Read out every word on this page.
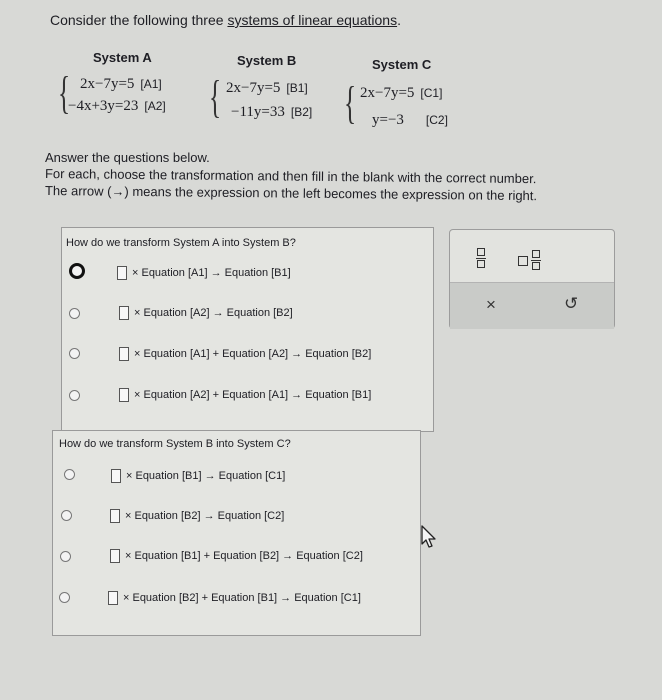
Consider the following three systems of linear equations.
System A
{ 2x−7y=5 [A1]
−4x+3y=23 [A2]
System B
{ 2x−7y=5 [B1]
−11y=33 [B2]
System C
{ 2x−7y=5 [C1]
y=−3 [C2]
Answer the questions below.
For each, choose the transformation and then fill in the blank with the correct number.
The arrow (→) means the expression on the left becomes the expression on the right.
How do we transform System A into System B?
× Equation [A1] → Equation [B1]
× Equation [A2] → Equation [B2]
× Equation [A1] + Equation [A2] → Equation [B2]
× Equation [A2] + Equation [A1] → Equation [B1]
How do we transform System B into System C?
× Equation [B1] → Equation [C1]
× Equation [B2] → Equation [C2]
× Equation [B1] + Equation [B2] → Equation [C2]
× Equation [B2] + Equation [B1] → Equation [C1]
×	↺
